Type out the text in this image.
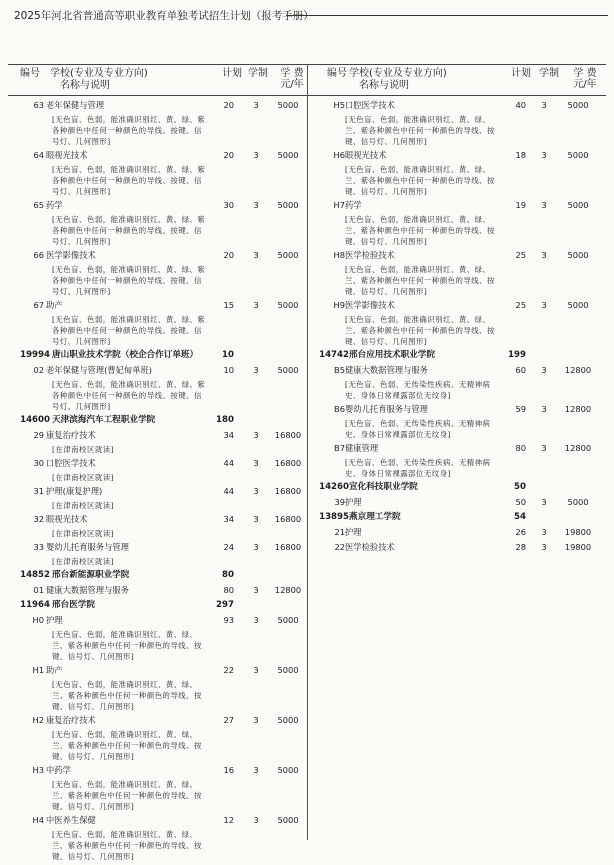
2025年河北省普通高等职业教育单独考试招生计划（报考手册）
编号 学校(专业及专业方向)
名称与说明
计划 学制 学 费
元/年
编号 学校(专业及专业方向)
名称与说明
计划 学制	学 费
元/年
63 老年保健与管理	20	3	5000
[无色盲、色弱，能准确识别红、黄、绿、紫
各种颜色中任何一种颜色的导线、按键、信
号灯、几何图形]
64 眼视光技术	20	3	5000
[无色盲、色弱，能准确识别红、黄、绿、紫
各种颜色中任何一种颜色的导线、按键、信
号灯、几何图形]
65 药学	30	3	5000
[无色盲、色弱，能准确识别红、黄、绿、紫
各种颜色中任何一种颜色的导线、按键、信
号灯、几何图形]
66 医学影像技术	20	3	5000
[无色盲、色弱，能准确识别红、黄、绿、紫
各种颜色中任何一种颜色的导线、按键、信
号灯、几何图形]
67 助产	15	3	5000
[无色盲、色弱，能准确识别红、黄、绿、紫
各种颜色中任何一种颜色的导线、按键、信
号灯、几何图形]
19994 唐山职业技术学院（校企合作订单班）	10
02 老年保健与管理(曹妃甸单班)	10	3	5000
[无色盲、色弱，能准确识别红、黄、绿、紫
各种颜色中任何一种颜色的导线、按键、信
号灯、几何图形]
14600 天津滨海汽车工程职业学院	180
29 康复治疗技术	34	3	16800
[在津南校区就读]
30 口腔医学技术	44	3	16800
[在津南校区就读]
31 护理(康复护理)	44	3	16800
[在津南校区就读]
32 眼视光技术	34	3	16800
[在津南校区就读]
33 婴幼儿托育服务与管理	24	3	16800
[在津南校区就读]
14852 邢台新能源职业学院	80
01 健康大数据管理与服务	80	3	12800
11964 邢台医学院	297
H0 护理	93	3	5000
[无色盲、色弱，能准确识别红、黄、绿、
兰、紫各种颜色中任何一种颜色的导线、按
键、信号灯、几何图形]
H1 助产	22	3	5000
[无色盲、色弱，能准确识别红、黄、绿、
兰、紫各种颜色中任何一种颜色的导线、按
键、信号灯、几何图形]
H2 康复治疗技术	27	3	5000
[无色盲、色弱，能准确识别红、黄、绿、
兰、紫各种颜色中任何一种颜色的导线、按
键、信号灯、几何图形]
H3 中药学	16	3	5000
[无色盲、色弱，能准确识别红、黄、绿、
兰、紫各种颜色中任何一种颜色的导线、按
键、信号灯、几何图形]
H4 中医养生保健	12	3	5000
[无色盲、色弱，能准确识别红、黄、绿、
兰、紫各种颜色中任何一种颜色的导线、按
键、信号灯、几何图形]
H5 口腔医学技术	40	3	5000
[无色盲、色弱，能准确识别红、黄、绿、
兰、紫各种颜色中任何一种颜色的导线、按
键、信号灯、几何图形]
H6 眼视光技术	18	3	5000
[无色盲、色弱，能准确识别红、黄、绿、
兰、紫各种颜色中任何一种颜色的导线、按
键、信号灯、几何图形]
H7 药学	19	3	5000
[无色盲、色弱，能准确识别红、黄、绿、
兰、紫各种颜色中任何一种颜色的导线、按
键、信号灯、几何图形]
H8 医学检验技术	25	3	5000
[无色盲、色弱，能准确识别红、黄、绿、
兰、紫各种颜色中任何一种颜色的导线、按
键、信号灯、几何图形]
H9 医学影像技术	25	3	5000
[无色盲、色弱，能准确识别红、黄、绿、
兰、紫各种颜色中任何一种颜色的导线、按
键、信号灯、几何图形]
14742 邢台应用技术职业学院	199
B5 健康大数据管理与服务	60	3	12800
[无色盲、色弱、无传染性疾病、无精神病
史、身体日常裸露部位无纹身]
B6 婴幼儿托育服务与管理	59	3	12800
[无色盲、色弱、无传染性疾病、无精神病
史、身体日常裸露部位无纹身]
B7 健康管理	80	3	12800
[无色盲、色弱、无传染性疾病、无精神病
史、身体日常裸露部位无纹身]
14260 宣化科技职业学院	50
39 护理	50	3	5000
13895 燕京理工学院	54
21 护理	26	3	19800
22 医学检验技术	28	3	19800
